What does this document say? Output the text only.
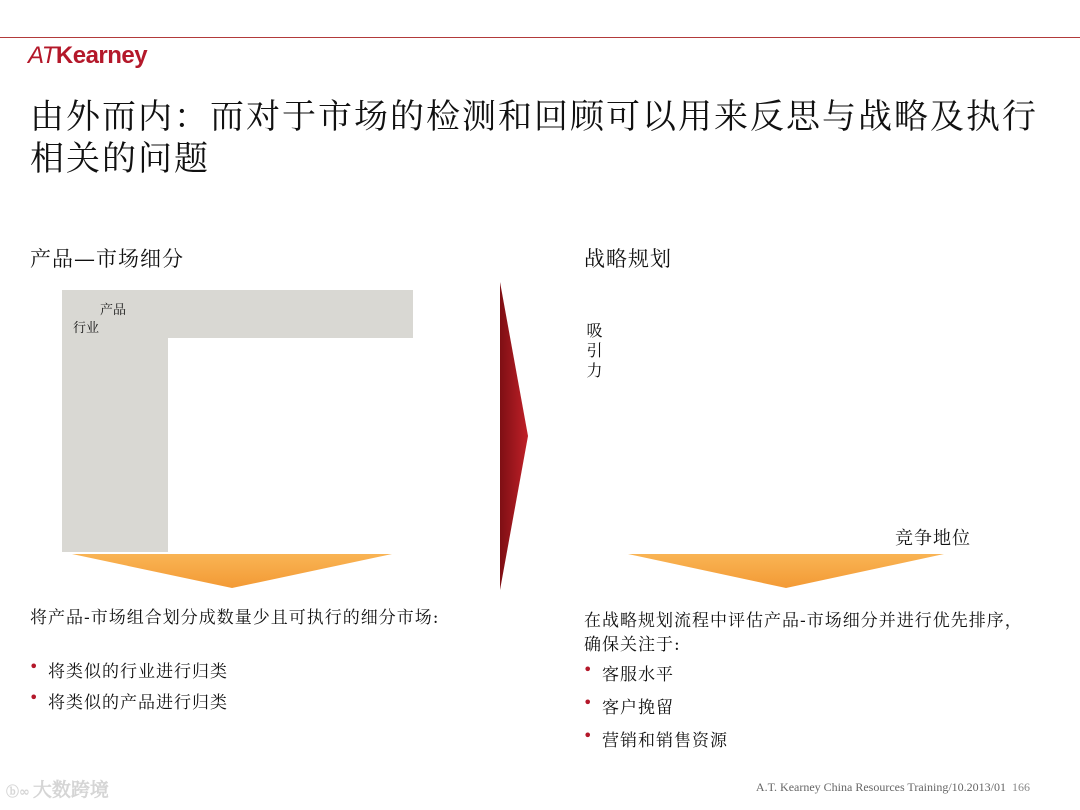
ATKearney
由外而内：而对于市场的检测和回顾可以用来反思与战略及执行相关的问题
产品—市场细分
产品
行业
将产品-市场组合划分成数量少且可执行的细分市场:
• 将类似的行业进行归类
• 将类似的产品进行归类
战略规划
吸引力
竞争地位
在战略规划流程中评估产品-市场细分并进行优先排序，确保关注于:
• 客服水平
• 客户挽留
• 营销和销售资源
A.T. Kearney China Resources Training/10.2013/01 166
ⓑ∞ 大数跨境
